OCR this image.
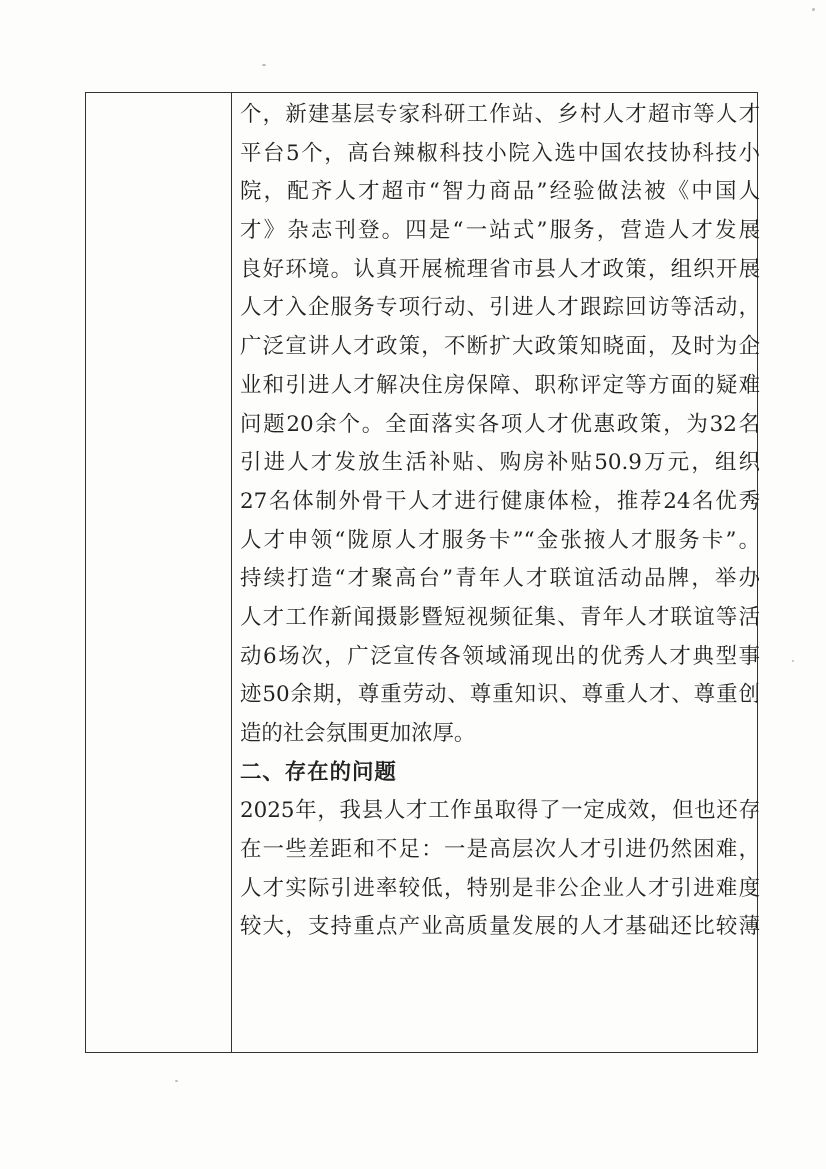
个，新建基层专家科研工作站、乡村人才超市等人才
平台5个，高台辣椒科技小院入选中国农技协科技小
院，配齐人才超市“智力商品”经验做法被《中国人
才》杂志刊登。四是“一站式”服务，营造人才发展
良好环境。认真开展梳理省市县人才政策，组织开展
人才入企服务专项行动、引进人才跟踪回访等活动，
广泛宣讲人才政策，不断扩大政策知晓面，及时为企
业和引进人才解决住房保障、职称评定等方面的疑难
问题20余个。全面落实各项人才优惠政策，为32名
引进人才发放生活补贴、购房补贴50.9万元，组织
27名体制外骨干人才进行健康体检，推荐24名优秀
人才申领“陇原人才服务卡”“金张掖人才服务卡”。
持续打造“才聚高台”青年人才联谊活动品牌，举办
人才工作新闻摄影暨短视频征集、青年人才联谊等活
动6场次，广泛宣传各领域涌现出的优秀人才典型事
迹50余期，尊重劳动、尊重知识、尊重人才、尊重创
造的社会氛围更加浓厚。
二、存在的问题
2025年，我县人才工作虽取得了一定成效，但也还存
在一些差距和不足：一是高层次人才引进仍然困难，
人才实际引进率较低，特别是非公企业人才引进难度
较大，支持重点产业高质量发展的人才基础还比较薄
